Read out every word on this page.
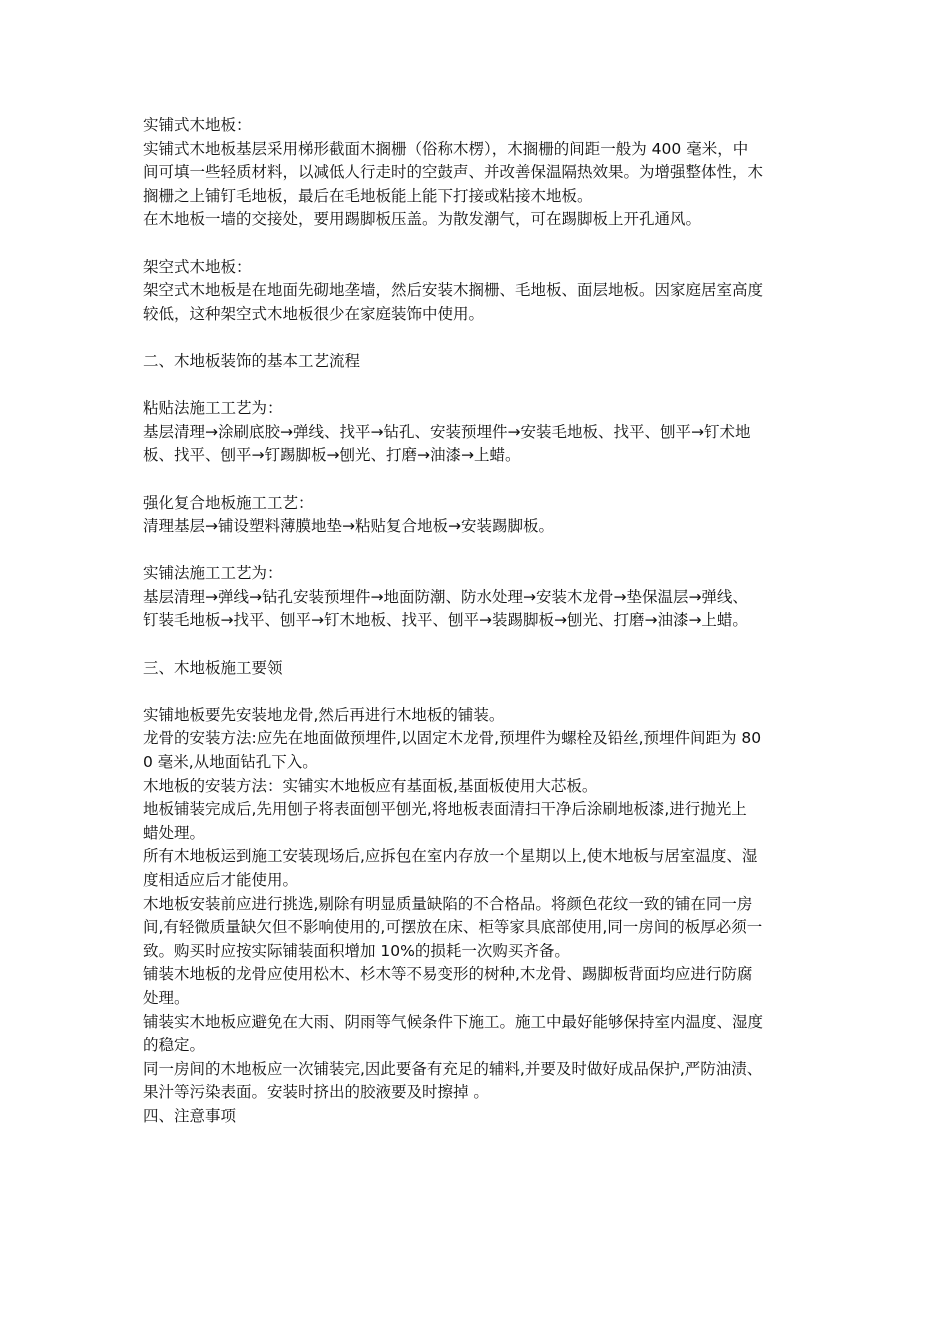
实铺式木地板：
实铺式木地板基层采用梯形截面木搁栅（俗称木楞），木搁栅的间距一般为 400 毫米，中
间可填一些轻质材料，以减低人行走时的空鼓声、并改善保温隔热效果。为增强整体性，木
搁栅之上铺钉毛地板，最后在毛地板能上能下打接或粘接木地板。
在木地板一墙的交接处，要用踢脚板压盖。为散发潮气，可在踢脚板上开孔通风。
架空式木地板：
架空式木地板是在地面先砌地垄墙，然后安装木搁栅、毛地板、面层地板。因家庭居室高度
较低，这种架空式木地板很少在家庭装饰中使用。
二、木地板装饰的基本工艺流程
粘贴法施工工艺为：
基层清理→涂刷底胶→弹线、找平→钻孔、安装预埋件→安装毛地板、找平、刨平→钉术地
板、找平、刨平→钉踢脚板→刨光、打磨→油漆→上蜡。
强化复合地板施工工艺：
清理基层→铺设塑料薄膜地垫→粘贴复合地板→安装踢脚板。
实铺法施工工艺为：
基层清理→弹线→钻孔安装预埋件→地面防潮、防水处理→安装木龙骨→垫保温层→弹线、
钉装毛地板→找平、刨平→钉木地板、找平、刨平→装踢脚板→刨光、打磨→油漆→上蜡。
三、木地板施工要领
实铺地板要先安装地龙骨,然后再进行木地板的铺装。
龙骨的安装方法:应先在地面做预埋件,以固定木龙骨,预埋件为螺栓及铅丝,预埋件间距为 80
0 毫米,从地面钻孔下入。
木地板的安装方法：实铺实木地板应有基面板,基面板使用大芯板。
地板铺装完成后,先用刨子将表面刨平刨光,将地板表面清扫干净后涂刷地板漆,进行抛光上
蜡处理。
所有木地板运到施工安装现场后,应拆包在室内存放一个星期以上,使木地板与居室温度、湿
度相适应后才能使用。
木地板安装前应进行挑选,剔除有明显质量缺陷的不合格品。将颜色花纹一致的铺在同一房
间,有轻微质量缺欠但不影响使用的,可摆放在床、柜等家具底部使用,同一房间的板厚必须一
致。购买时应按实际铺装面积增加 10%的损耗一次购买齐备。
铺装木地板的龙骨应使用松木、杉木等不易变形的树种,木龙骨、踢脚板背面均应进行防腐
处理。
铺装实木地板应避免在大雨、阴雨等气候条件下施工。施工中最好能够保持室内温度、湿度
的稳定。
同一房间的木地板应一次铺装完,因此要备有充足的辅料,并要及时做好成品保护,严防油渍、
果汁等污染表面。安装时挤出的胶液要及时擦掉 。
四、注意事项
